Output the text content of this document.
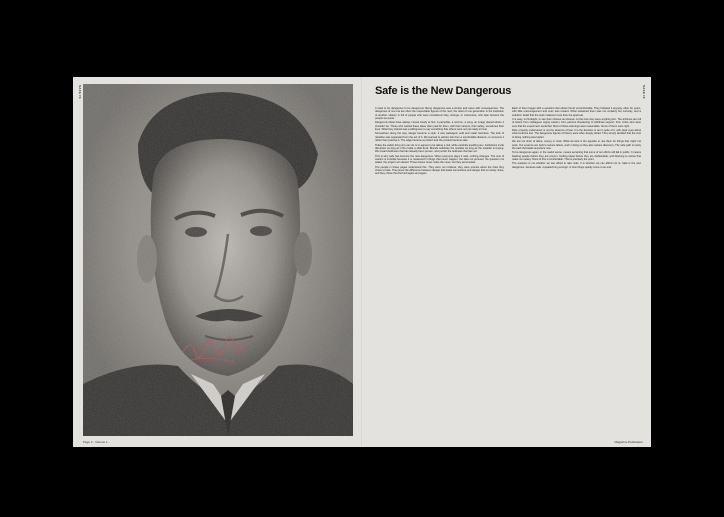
SAFE IS
Page 4 · Volume 1
Safe is the New Dangerous	SAFE IS

It used to be dangerous to be dangerous. Being dangerous was a choice and came with consequences. The dangerous of one era are often the respectable figures of the next; the rebel of one generation is the institution of another. History is full of people who were considered risky, strange, or subversive, who later became the people we quote.

Dangerous ideas have always moved slowly at first. A pamphlet, a sermon, a song, an image placed where it shouldn't be. Those who carried these ideas often paid for them, with their careers, their safety, sometimes their lives. What they shared was a willingness to say something that others were not yet ready to hear.

Somewhere along the way, danger became a style. It was packaged, sold and made harmless. The look of rebellion was separated from the act of it. We learned to admire risk from a comfortable distance, to consume it rather than practise it. The edge became a product and the product became safe.

Today the safest thing one can do is to appear to be taking a risk, while carefully avoiding any. Institutions invite disruption as long as it fits inside a slide deck. Brands celebrate the outsider as long as the outsider is buying. We reward boldness that has already been proven, and punish the boldness that has not.

This is why safe has become the new dangerous. When everyone plays it safe, nothing changes. The cost of caution is invisible because it is measured in things that never happen: the idea not pursued, the question not asked, the project not started. Those losses never make the news, but they accumulate.

The people in these pages understood this. They were not reckless; they were precise about the risks they chose to take. They knew the difference between danger that leads somewhere and danger that is merely noise, and they chose the first kind again and again.

Each of them began with a question that others found uncomfortable. They followed it anyway, often for years, with little encouragement and even less reward. What sustained them was not certainty but curiosity, and a stubborn belief that the work mattered more than the approval.

It is easy, in hindsight, to see their choices as obvious. At the time they were anything but. The archives are full of letters from colleagues urging caution, from patrons threatening to withdraw support, from critics who were sure that the experiment would fail. Most of those warnings were reasonable. Some of them were right.

Risk, properly understood, is not the absence of fear. It is the decision to act in spite of it, with clear eyes about what could be lost. The dangerous figures of history were often deeply afraid. They simply decided that the cost of doing nothing was higher.

We are not short of talent, money or tools. What we lack is the appetite to use them for things that might not work. Our systems are built to reduce failure, and in doing so they also reduce discovery. The safe path is rarely the path that leads anywhere new.

To be dangerous again, in the useful sense, means accepting that some of our efforts will fail in public. It means backing people before they are proven, funding ideas before they are fashionable, and listening to voices that make us uneasy. None of this is comfortable. That is precisely the point.

The question is not whether we can afford to take risks. It is whether we can afford not to. Safe is the new dangerous, because safe, repeated long enough, is how things quietly come to an end.

Magazine Publication
